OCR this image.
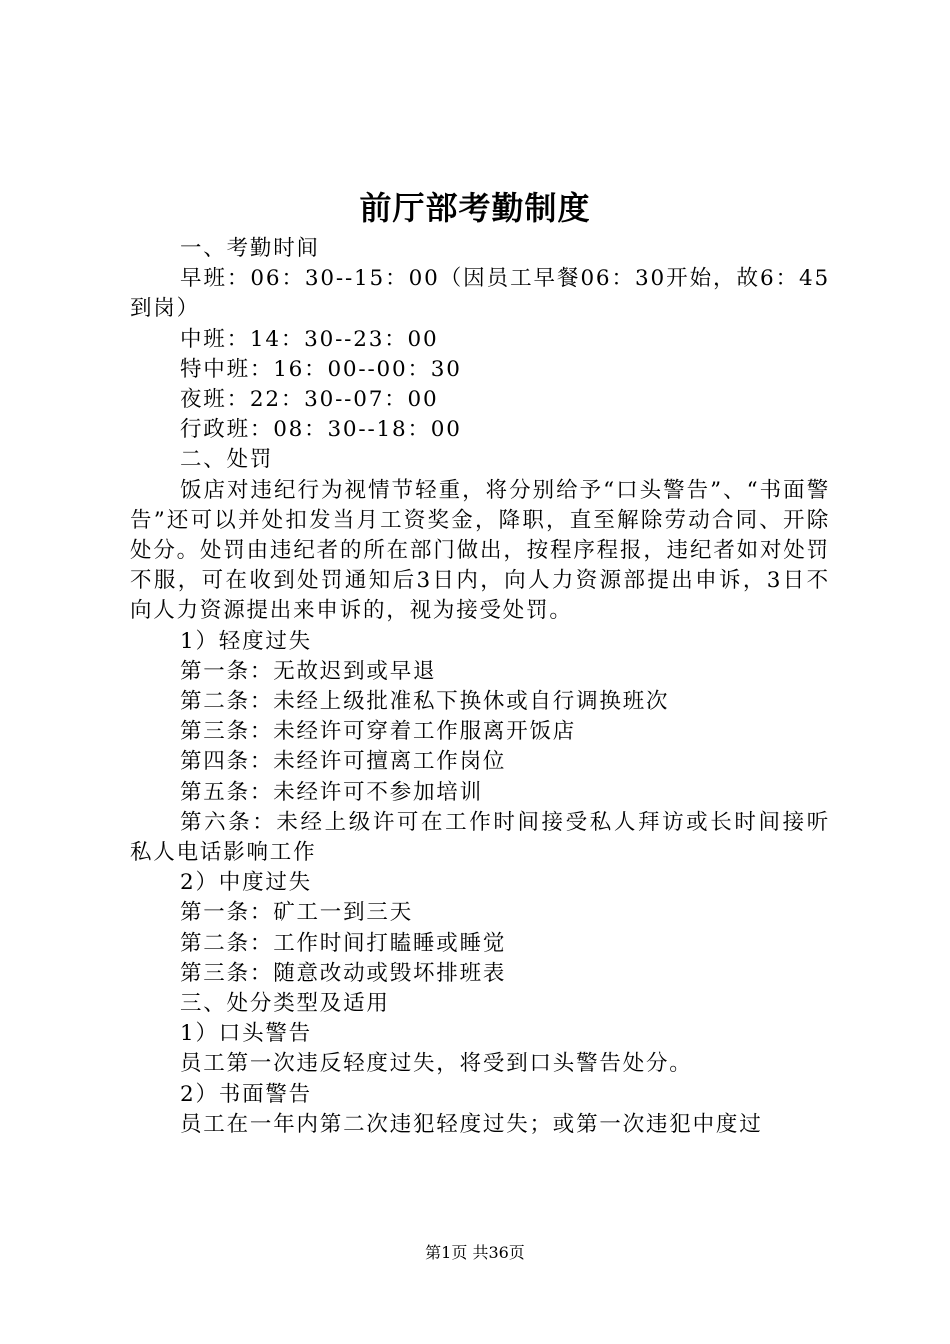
前厅部考勤制度

一、考勤时间

早班：06：30--15：00（因员工早餐06：30开始，故6：45到岗）

中班：14：30--23：00

特中班：16：00--00：30

夜班：22：30--07：00

行政班：08：30--18：00

二、处罚

饭店对违纪行为视情节轻重，将分别给予“口头警告”、“书面警告”还可以并处扣发当月工资奖金，降职，直至解除劳动合同、开除处分。处罚由违纪者的所在部门做出，按程序程报，违纪者如对处罚不服，可在收到处罚通知后3日内，向人力资源部提出申诉，3日不向人力资源提出来申诉的，视为接受处罚。

1）轻度过失

第一条：无故迟到或早退

第二条：未经上级批准私下换休或自行调换班次

第三条：未经许可穿着工作服离开饭店

第四条：未经许可擅离工作岗位

第五条：未经许可不参加培训

第六条：未经上级许可在工作时间接受私人拜访或长时间接听私人电话影响工作

2）中度过失

第一条：矿工一到三天

第二条：工作时间打瞌睡或睡觉

第三条：随意改动或毁坏排班表

三、处分类型及适用

1）口头警告

员工第一次违反轻度过失，将受到口头警告处分。

2）书面警告

员工在一年内第二次违犯轻度过失；或第一次违犯中度过

第1页 共36页
